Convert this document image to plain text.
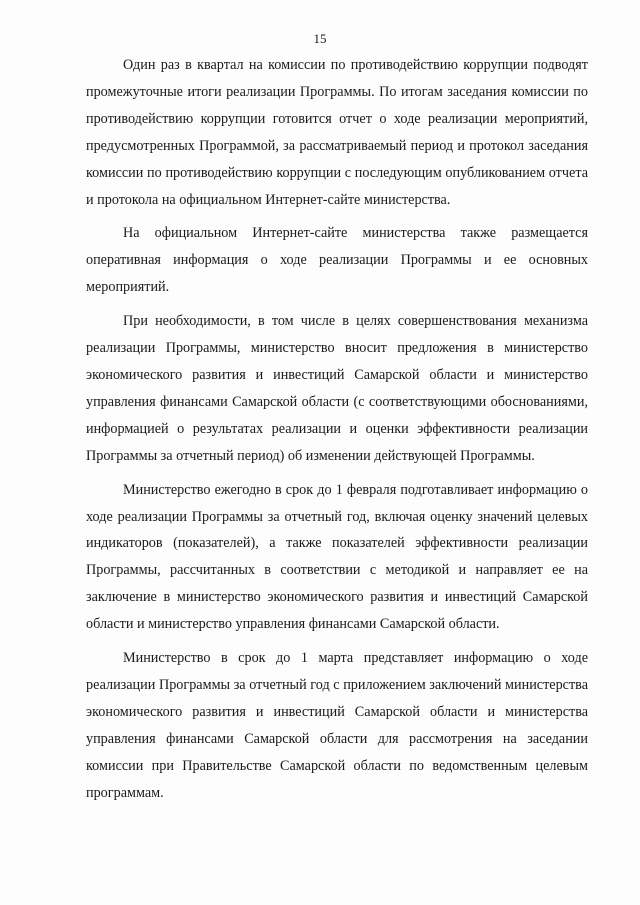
15

Один раз в квартал на комиссии по противодействию коррупции подводят промежуточные итоги реализации Программы. По итогам заседания комиссии по противодействию коррупции готовится отчет о ходе реализации мероприятий, предусмотренных Программой, за рассматриваемый период и протокол заседания комиссии по противодействию коррупции с последующим опубликованием отчета и протокола на официальном Интернет-сайте министерства.

На официальном Интернет-сайте министерства также размещается оперативная информация о ходе реализации Программы и ее основных мероприятий.

При необходимости, в том числе в целях совершенствования механизма реализации Программы, министерство вносит предложения в министерство экономического развития и инвестиций Самарской области и министерство управления финансами Самарской области (с соответствующими обоснованиями, информацией о результатах реализации и оценки эффективности реализации Программы за отчетный период) об изменении действующей Программы.

Министерство ежегодно в срок до 1 февраля подготавливает информацию о ходе реализации Программы за отчетный год, включая оценку значений целевых индикаторов (показателей), а также показателей эффективности реализации Программы, рассчитанных в соответствии с методикой и направляет ее на заключение в министерство экономического развития и инвестиций Самарской области и министерство управления финансами Самарской области.

Министерство в срок до 1 марта представляет информацию о ходе реализации Программы за отчетный год с приложением заключений министерства экономического развития и инвестиций Самарской области и министерства управления финансами Самарской области для рассмотрения на заседании комиссии при Правительстве Самарской области по ведомственным целевым программам.
